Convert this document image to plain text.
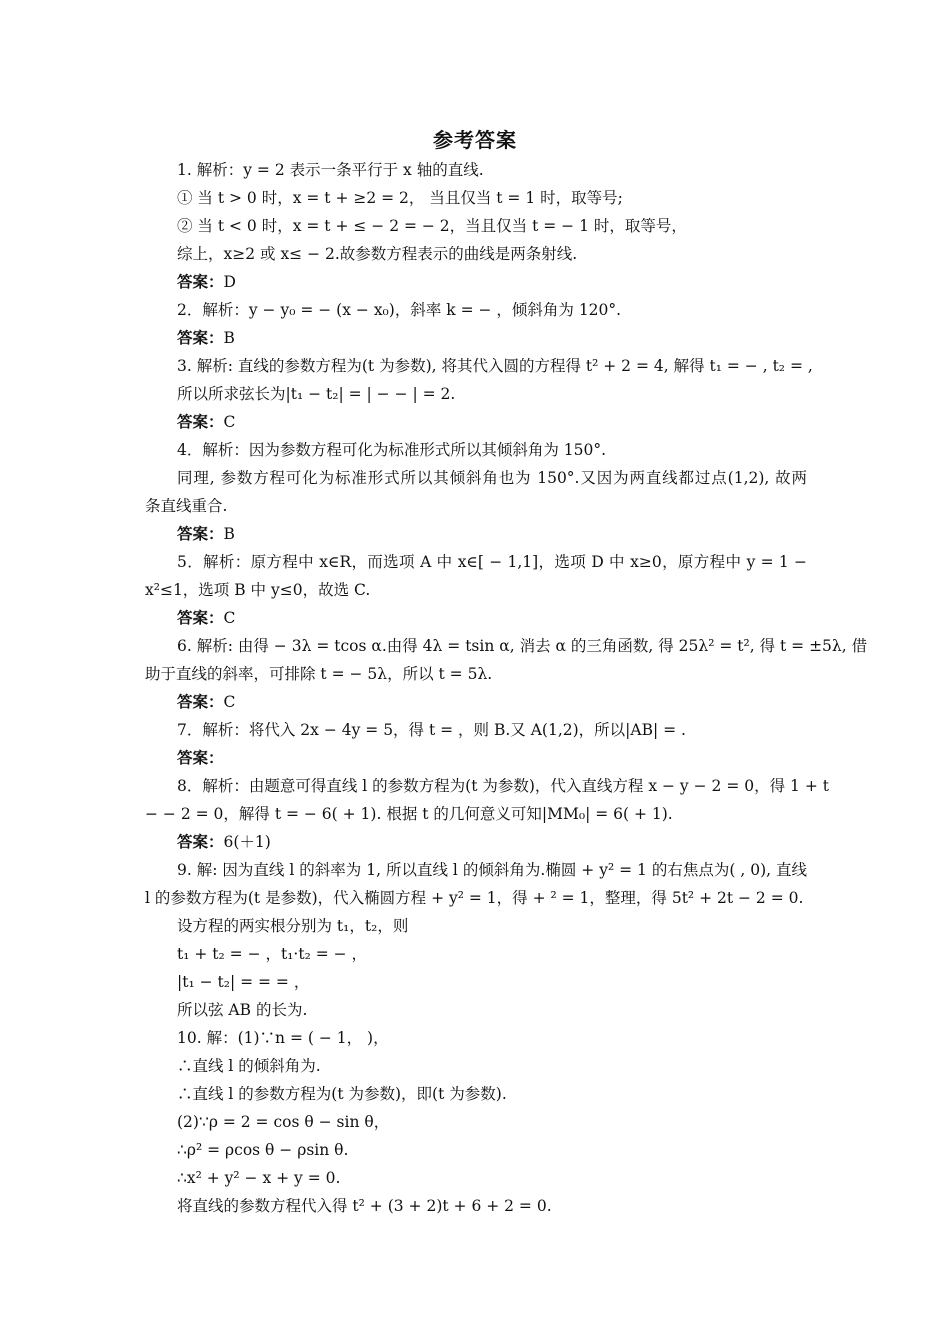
参考答案
1. 解析：y = 2 表示一条平行于 x 轴的直线.
① 当 t > 0 时，x = t + ≥2 = 2， 当且仅当 t = 1 时，取等号;
② 当 t < 0 时，x = t + ≤ − 2 = − 2，当且仅当 t = − 1 时，取等号，
综上，x≥2 或 x≤ − 2.故参数方程表示的曲线是两条射线.
答案：D
2．解析：y − y₀ = − (x − x₀)，斜率 k = − ，倾斜角为 120°.
答案：B
3. 解析: 直线的参数方程为(t 为参数), 将其代入圆的方程得 t² + 2 = 4, 解得 t₁ = − , t₂ = ,
所以所求弦长为|t₁ − t₂| = | − − | = 2.
答案：C
4．解析：因为参数方程可化为标准形式所以其倾斜角为 150°.
同理, 参数方程可化为标准形式所以其倾斜角也为 150°.又因为两直线都过点(1,2), 故两
条直线重合.
答案：B
5．解析：原方程中 x∈R，而选项 A 中 x∈[ − 1,1]，选项 D 中 x≥0，原方程中 y = 1 −
x²≤1，选项 B 中 y≤0，故选 C.
答案：C
6. 解析: 由得 − 3λ = tcos α.由得 4λ = tsin α, 消去 α 的三角函数, 得 25λ² = t², 得 t = ±5λ, 借
助于直线的斜率，可排除 t = − 5λ，所以 t = 5λ.
答案：C
7．解析：将代入 2x − 4y = 5，得 t = ，则 B.又 A(1,2)，所以|AB| = .
答案：
8．解析：由题意可得直线 l 的参数方程为(t 为参数)，代入直线方程 x − y − 2 = 0，得 1 + t
− − 2 = 0，解得 t = − 6( + 1). 根据 t 的几何意义可知|MM₀| = 6( + 1).
答案：6(＋1)
9. 解: 因为直线 l 的斜率为 1, 所以直线 l 的倾斜角为.椭圆 + y² = 1 的右焦点为( , 0), 直线
l 的参数方程为(t 是参数)，代入椭圆方程 + y² = 1，得 + ² = 1，整理，得 5t² + 2t − 2 = 0.
设方程的两实根分别为 t₁，t₂，则
t₁ + t₂ = − ，t₁·t₂ = − ，
|t₁ − t₂| = = = ，
所以弦 AB 的长为.
10. 解：(1)∵n = ( − 1， )，
∴直线 l 的倾斜角为.
∴直线 l 的参数方程为(t 为参数)，即(t 为参数).
(2)∵ρ = 2 = cos θ − sin θ，
∴ρ² = ρcos θ − ρsin θ.
∴x² + y² − x + y = 0.
将直线的参数方程代入得 t² + (3 + 2)t + 6 + 2 = 0.
